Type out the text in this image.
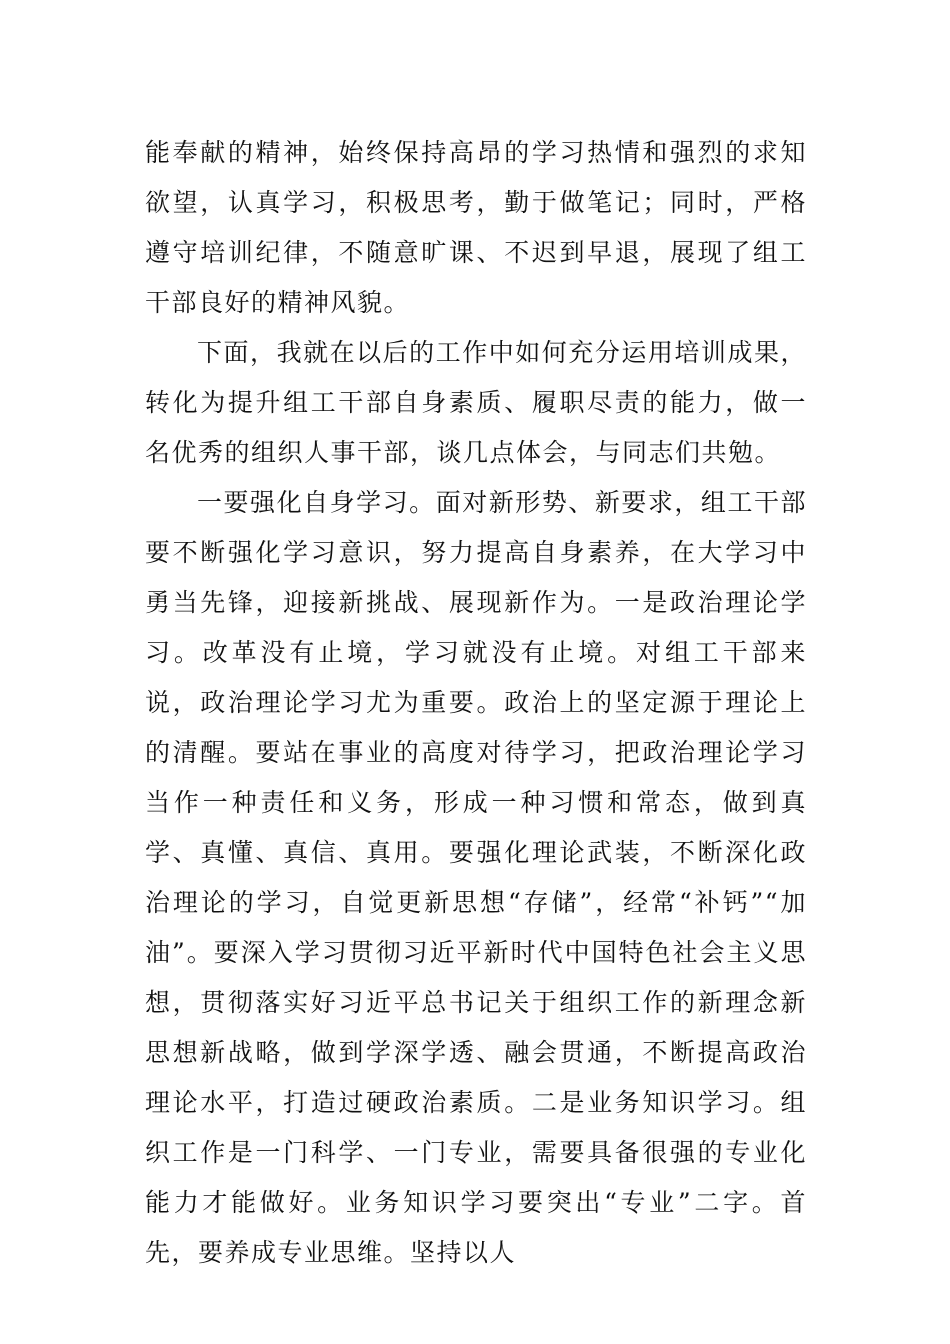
能奉献的精神，始终保持高昂的学习热情和强烈的求知欲望，认真学习，积极思考，勤于做笔记；同时，严格遵守培训纪律，不随意旷课、不迟到早退，展现了组工干部良好的精神风貌。

下面，我就在以后的工作中如何充分运用培训成果，转化为提升组工干部自身素质、履职尽责的能力，做一名优秀的组织人事干部，谈几点体会，与同志们共勉。

一要强化自身学习。面对新形势、新要求，组工干部要不断强化学习意识，努力提高自身素养，在大学习中勇当先锋，迎接新挑战、展现新作为。一是政治理论学习。改革没有止境，学习就没有止境。对组工干部来说，政治理论学习尤为重要。政治上的坚定源于理论上的清醒。要站在事业的高度对待学习，把政治理论学习当作一种责任和义务，形成一种习惯和常态，做到真学、真懂、真信、真用。要强化理论武装，不断深化政治理论的学习，自觉更新思想“存储”，经常“补钙”“加油”。要深入学习贯彻习近平新时代中国特色社会主义思想，贯彻落实好习近平总书记关于组织工作的新理念新思想新战略，做到学深学透、融会贯通，不断提高政治理论水平，打造过硬政治素质。二是业务知识学习。组织工作是一门科学、一门专业，需要具备很强的专业化能力才能做好。业务知识学习要突出“专业”二字。首先，要养成专业思维。坚持以人
